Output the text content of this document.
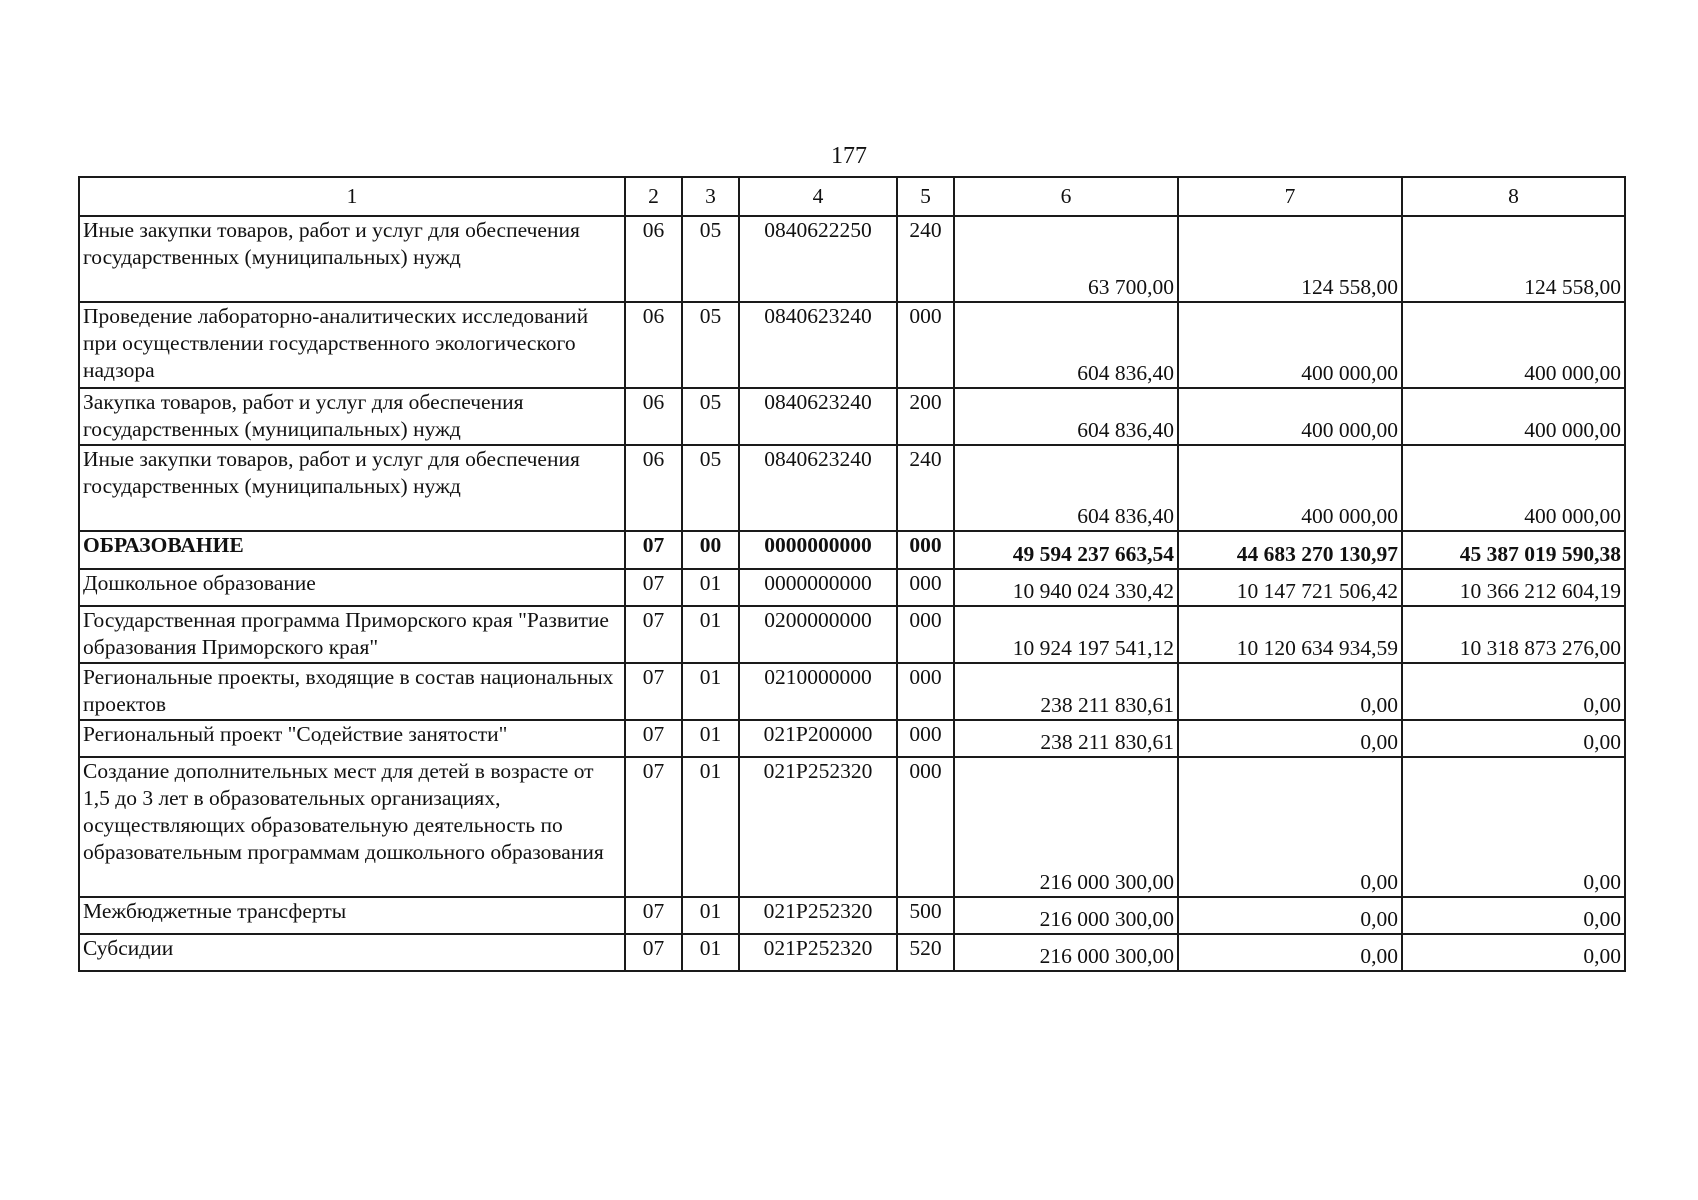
177
1	2	3	4	5	6	7	8
Иные закупки товаров, работ и услуг для обеспечения государственных (муниципальных) нужд	06	05	0840622250	240	63 700,00	124 558,00	124 558,00
Проведение лабораторно-аналитических исследований при осуществлении государственного экологического надзора	06	05	0840623240	000	604 836,40	400 000,00	400 000,00
Закупка товаров, работ и услуг для обеспечения государственных (муниципальных) нужд	06	05	0840623240	200	604 836,40	400 000,00	400 000,00
Иные закупки товаров, работ и услуг для обеспечения государственных (муниципальных) нужд	06	05	0840623240	240	604 836,40	400 000,00	400 000,00
ОБРАЗОВАНИЕ	07	00	0000000000	000	49 594 237 663,54	44 683 270 130,97	45 387 019 590,38
Дошкольное образование	07	01	0000000000	000	10 940 024 330,42	10 147 721 506,42	10 366 212 604,19
Государственная программа Приморского края "Развитие образования Приморского края"	07	01	0200000000	000	10 924 197 541,12	10 120 634 934,59	10 318 873 276,00
Региональные проекты, входящие в состав национальных проектов	07	01	0210000000	000	238 211 830,61	0,00	0,00
Региональный проект "Содействие занятости"	07	01	021P200000	000	238 211 830,61	0,00	0,00
Создание дополнительных мест для детей в возрасте от 1,5 до 3 лет в образовательных организациях, осуществляющих образовательную деятельность по образовательным программам дошкольного образования	07	01	021P252320	000	216 000 300,00	0,00	0,00
Межбюджетные трансферты	07	01	021P252320	500	216 000 300,00	0,00	0,00
Субсидии	07	01	021P252320	520	216 000 300,00	0,00	0,00
